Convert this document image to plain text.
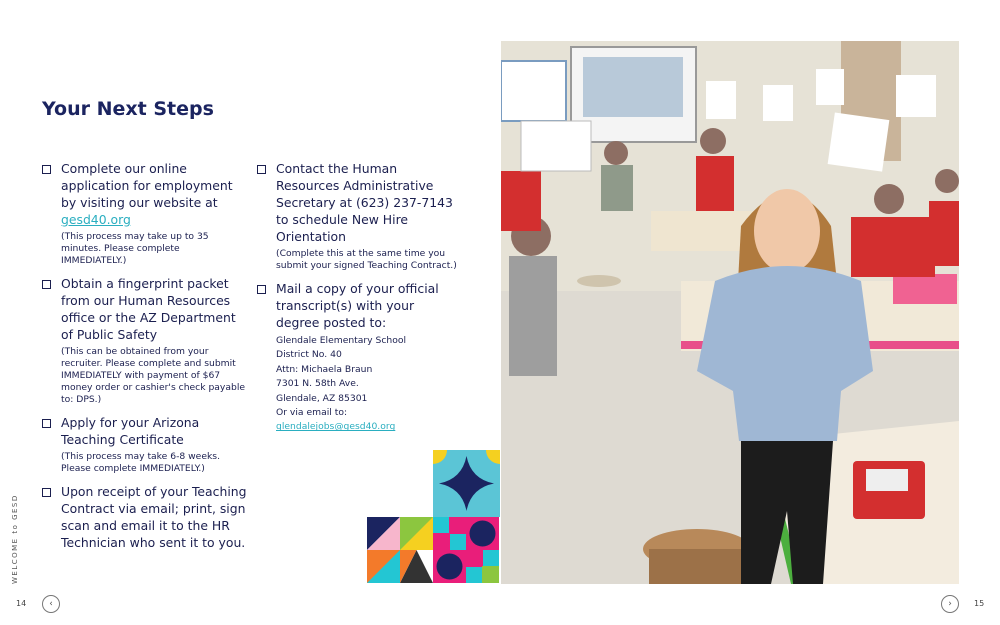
Your Next Steps
Complete our online application for employment by visiting our website at gesd40.org
(This process may take up to 35 minutes. Please complete IMMEDIATELY.)
Obtain a fingerprint packet from our Human Resources office or the AZ Department of Public Safety
(This can be obtained from your recruiter. Please complete and submit IMMEDIATELY with payment of $67 money order or cashier's check payable to: DPS.)
Apply for your Arizona Teaching Certificate
(This process may take 6-8 weeks. Please complete IMMEDIATELY.)
Upon receipt of your Teaching Contract via email; print, sign scan and email it to the HR Technician who sent it to you.
Contact the Human Resources Administrative Secretary at (623) 237-7143 to schedule New Hire Orientation
(Complete this at the same time you submit your signed Teaching Contract.)
Mail a copy of your official transcript(s) with your degree posted to:
Glendale Elementary School
District No. 40
Attn: Michaela Braun
7301 N. 58th Ave.
Glendale, AZ 85301
Or via email to:
glendalejobs@gesd40.org
WELCOME to GESD
14	‹	›	15
